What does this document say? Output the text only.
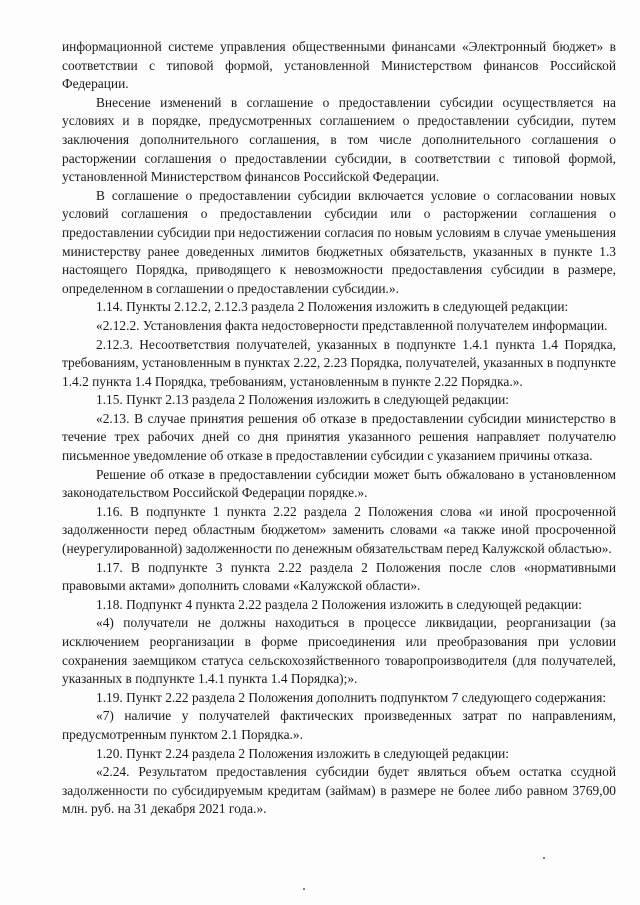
информационной системе управления общественными финансами «Электронный бюджет» в соответствии с типовой формой, установленной Министерством финансов Российской Федерации.

Внесение изменений в соглашение о предоставлении субсидии осуществляется на условиях и в порядке, предусмотренных соглашением о предоставлении субсидии, путем заключения дополнительного соглашения, в том числе дополнительного соглашения о расторжении соглашения о предоставлении субсидии, в соответствии с типовой формой, установленной Министерством финансов Российской Федерации.

В соглашение о предоставлении субсидии включается условие о согласовании новых условий соглашения о предоставлении субсидии или о расторжении соглашения о предоставлении субсидии при недостижении согласия по новым условиям в случае уменьшения министерству ранее доведенных лимитов бюджетных обязательств, указанных в пункте 1.3 настоящего Порядка, приводящего к невозможности предоставления субсидии в размере, определенном в соглашении о предоставлении субсидии.».

1.14. Пункты 2.12.2, 2.12.3 раздела 2 Положения изложить в следующей редакции:

«2.12.2. Установления факта недостоверности представленной получателем информации.

2.12.3. Несоответствия получателей, указанных в подпункте 1.4.1 пункта 1.4 Порядка, требованиям, установленным в пунктах 2.22, 2.23 Порядка, получателей, указанных в подпункте 1.4.2 пункта 1.4 Порядка, требованиям, установленным в пункте 2.22 Порядка.».

1.15. Пункт 2.13 раздела 2 Положения изложить в следующей редакции:

«2.13. В случае принятия решения об отказе в предоставлении субсидии министерство в течение трех рабочих дней со дня принятия указанного решения направляет получателю письменное уведомление об отказе в предоставлении субсидии с указанием причины отказа.

Решение об отказе в предоставлении субсидии может быть обжаловано в установленном законодательством Российской Федерации порядке.».

1.16. В подпункте 1 пункта 2.22 раздела 2 Положения слова «и иной просроченной задолженности перед областным бюджетом» заменить словами «а также иной просроченной (неурегулированной) задолженности по денежным обязательствам перед Калужской областью».

1.17. В подпункте 3 пункта 2.22 раздела 2 Положения после слов «нормативными правовыми актами» дополнить словами «Калужской области».

1.18. Подпункт 4 пункта 2.22 раздела 2 Положения изложить в следующей редакции:

«4) получатели не должны находиться в процессе ликвидации, реорганизации (за исключением реорганизации в форме присоединения или преобразования при условии сохранения заемщиком статуса сельскохозяйственного товаропроизводителя (для получателей, указанных в подпункте 1.4.1 пункта 1.4 Порядка);».

1.19. Пункт 2.22 раздела 2 Положения дополнить подпунктом 7 следующего содержания:

«7) наличие у получателей фактических произведенных затрат по направлениям, предусмотренным пунктом 2.1 Порядка.».

1.20. Пункт 2.24 раздела 2 Положения изложить в следующей редакции:

«2.24. Результатом предоставления субсидии будет являться объем остатка ссудной задолженности по субсидируемым кредитам (займам) в размере не более либо равном 3769,00 млн. руб. на 31 декабря 2021 года.».
